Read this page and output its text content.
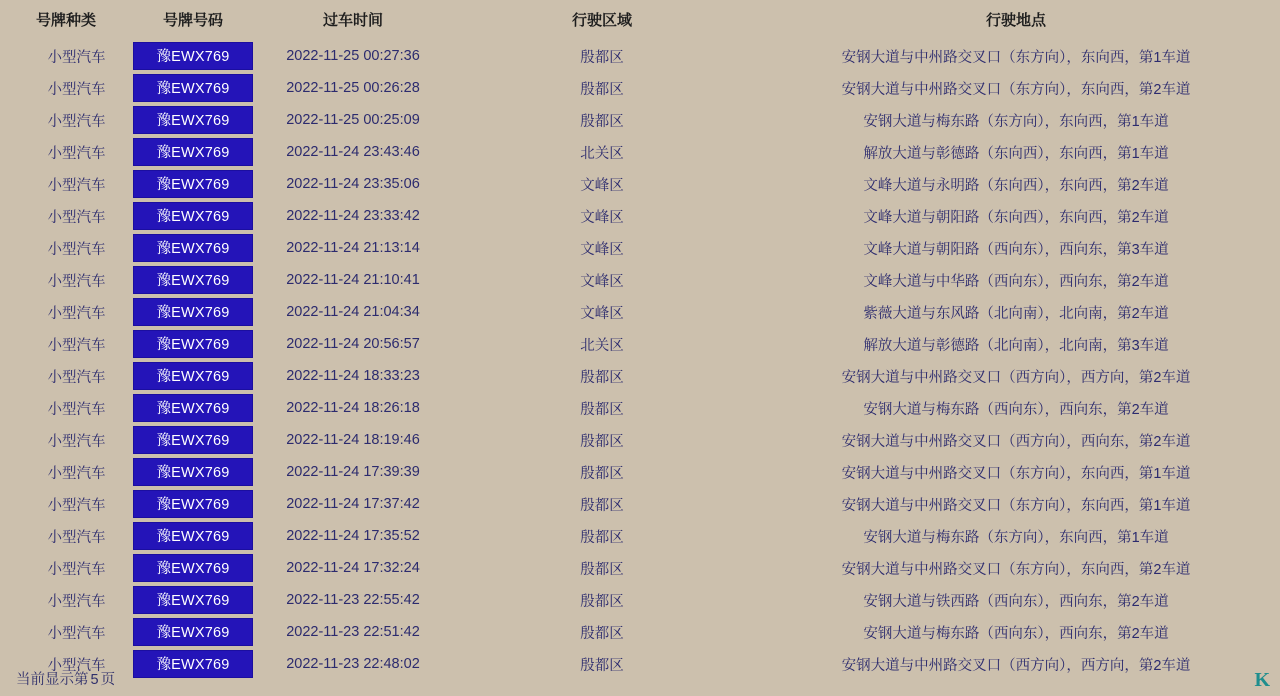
号牌种类	号牌号码	过车时间	行驶区域	行驶地点
小型汽车	豫EWX769	2022-11-25 00:27:36	殷都区	安钢大道与中州路交叉口（东方向），东向西，第1车道
小型汽车	豫EWX769	2022-11-25 00:26:28	殷都区	安钢大道与中州路交叉口（东方向），东向西，第2车道
小型汽车	豫EWX769	2022-11-25 00:25:09	殷都区	安钢大道与梅东路（东方向），东向西，第1车道
小型汽车	豫EWX769	2022-11-24 23:43:46	北关区	解放大道与彰德路（东向西），东向西，第1车道
小型汽车	豫EWX769	2022-11-24 23:35:06	文峰区	文峰大道与永明路（东向西），东向西，第2车道
小型汽车	豫EWX769	2022-11-24 23:33:42	文峰区	文峰大道与朝阳路（东向西），东向西，第2车道
小型汽车	豫EWX769	2022-11-24 21:13:14	文峰区	文峰大道与朝阳路（西向东），西向东，第3车道
小型汽车	豫EWX769	2022-11-24 21:10:41	文峰区	文峰大道与中华路（西向东），西向东，第2车道
小型汽车	豫EWX769	2022-11-24 21:04:34	文峰区	紫薇大道与东风路（北向南），北向南，第2车道
小型汽车	豫EWX769	2022-11-24 20:56:57	北关区	解放大道与彰德路（北向南），北向南，第3车道
小型汽车	豫EWX769	2022-11-24 18:33:23	殷都区	安钢大道与中州路交叉口（西方向），西方向，第2车道
小型汽车	豫EWX769	2022-11-24 18:26:18	殷都区	安钢大道与梅东路（西向东），西向东，第2车道
小型汽车	豫EWX769	2022-11-24 18:19:46	殷都区	安钢大道与中州路交叉口（西方向），西向东，第2车道
小型汽车	豫EWX769	2022-11-24 17:39:39	殷都区	安钢大道与中州路交叉口（东方向），东向西，第1车道
小型汽车	豫EWX769	2022-11-24 17:37:42	殷都区	安钢大道与中州路交叉口（东方向），东向西，第1车道
小型汽车	豫EWX769	2022-11-24 17:35:52	殷都区	安钢大道与梅东路（东方向），东向西，第1车道
小型汽车	豫EWX769	2022-11-24 17:32:24	殷都区	安钢大道与中州路交叉口（东方向），东向西，第2车道
小型汽车	豫EWX769	2022-11-23 22:55:42	殷都区	安钢大道与铁西路（西向东），西向东，第2车道
小型汽车	豫EWX769	2022-11-23 22:51:42	殷都区	安钢大道与梅东路（西向东），西向东，第2车道
小型汽车	豫EWX769	2022-11-23 22:48:02	殷都区	安钢大道与中州路交叉口（西方向），西方向，第2车道
当前显示第 5 页	K
